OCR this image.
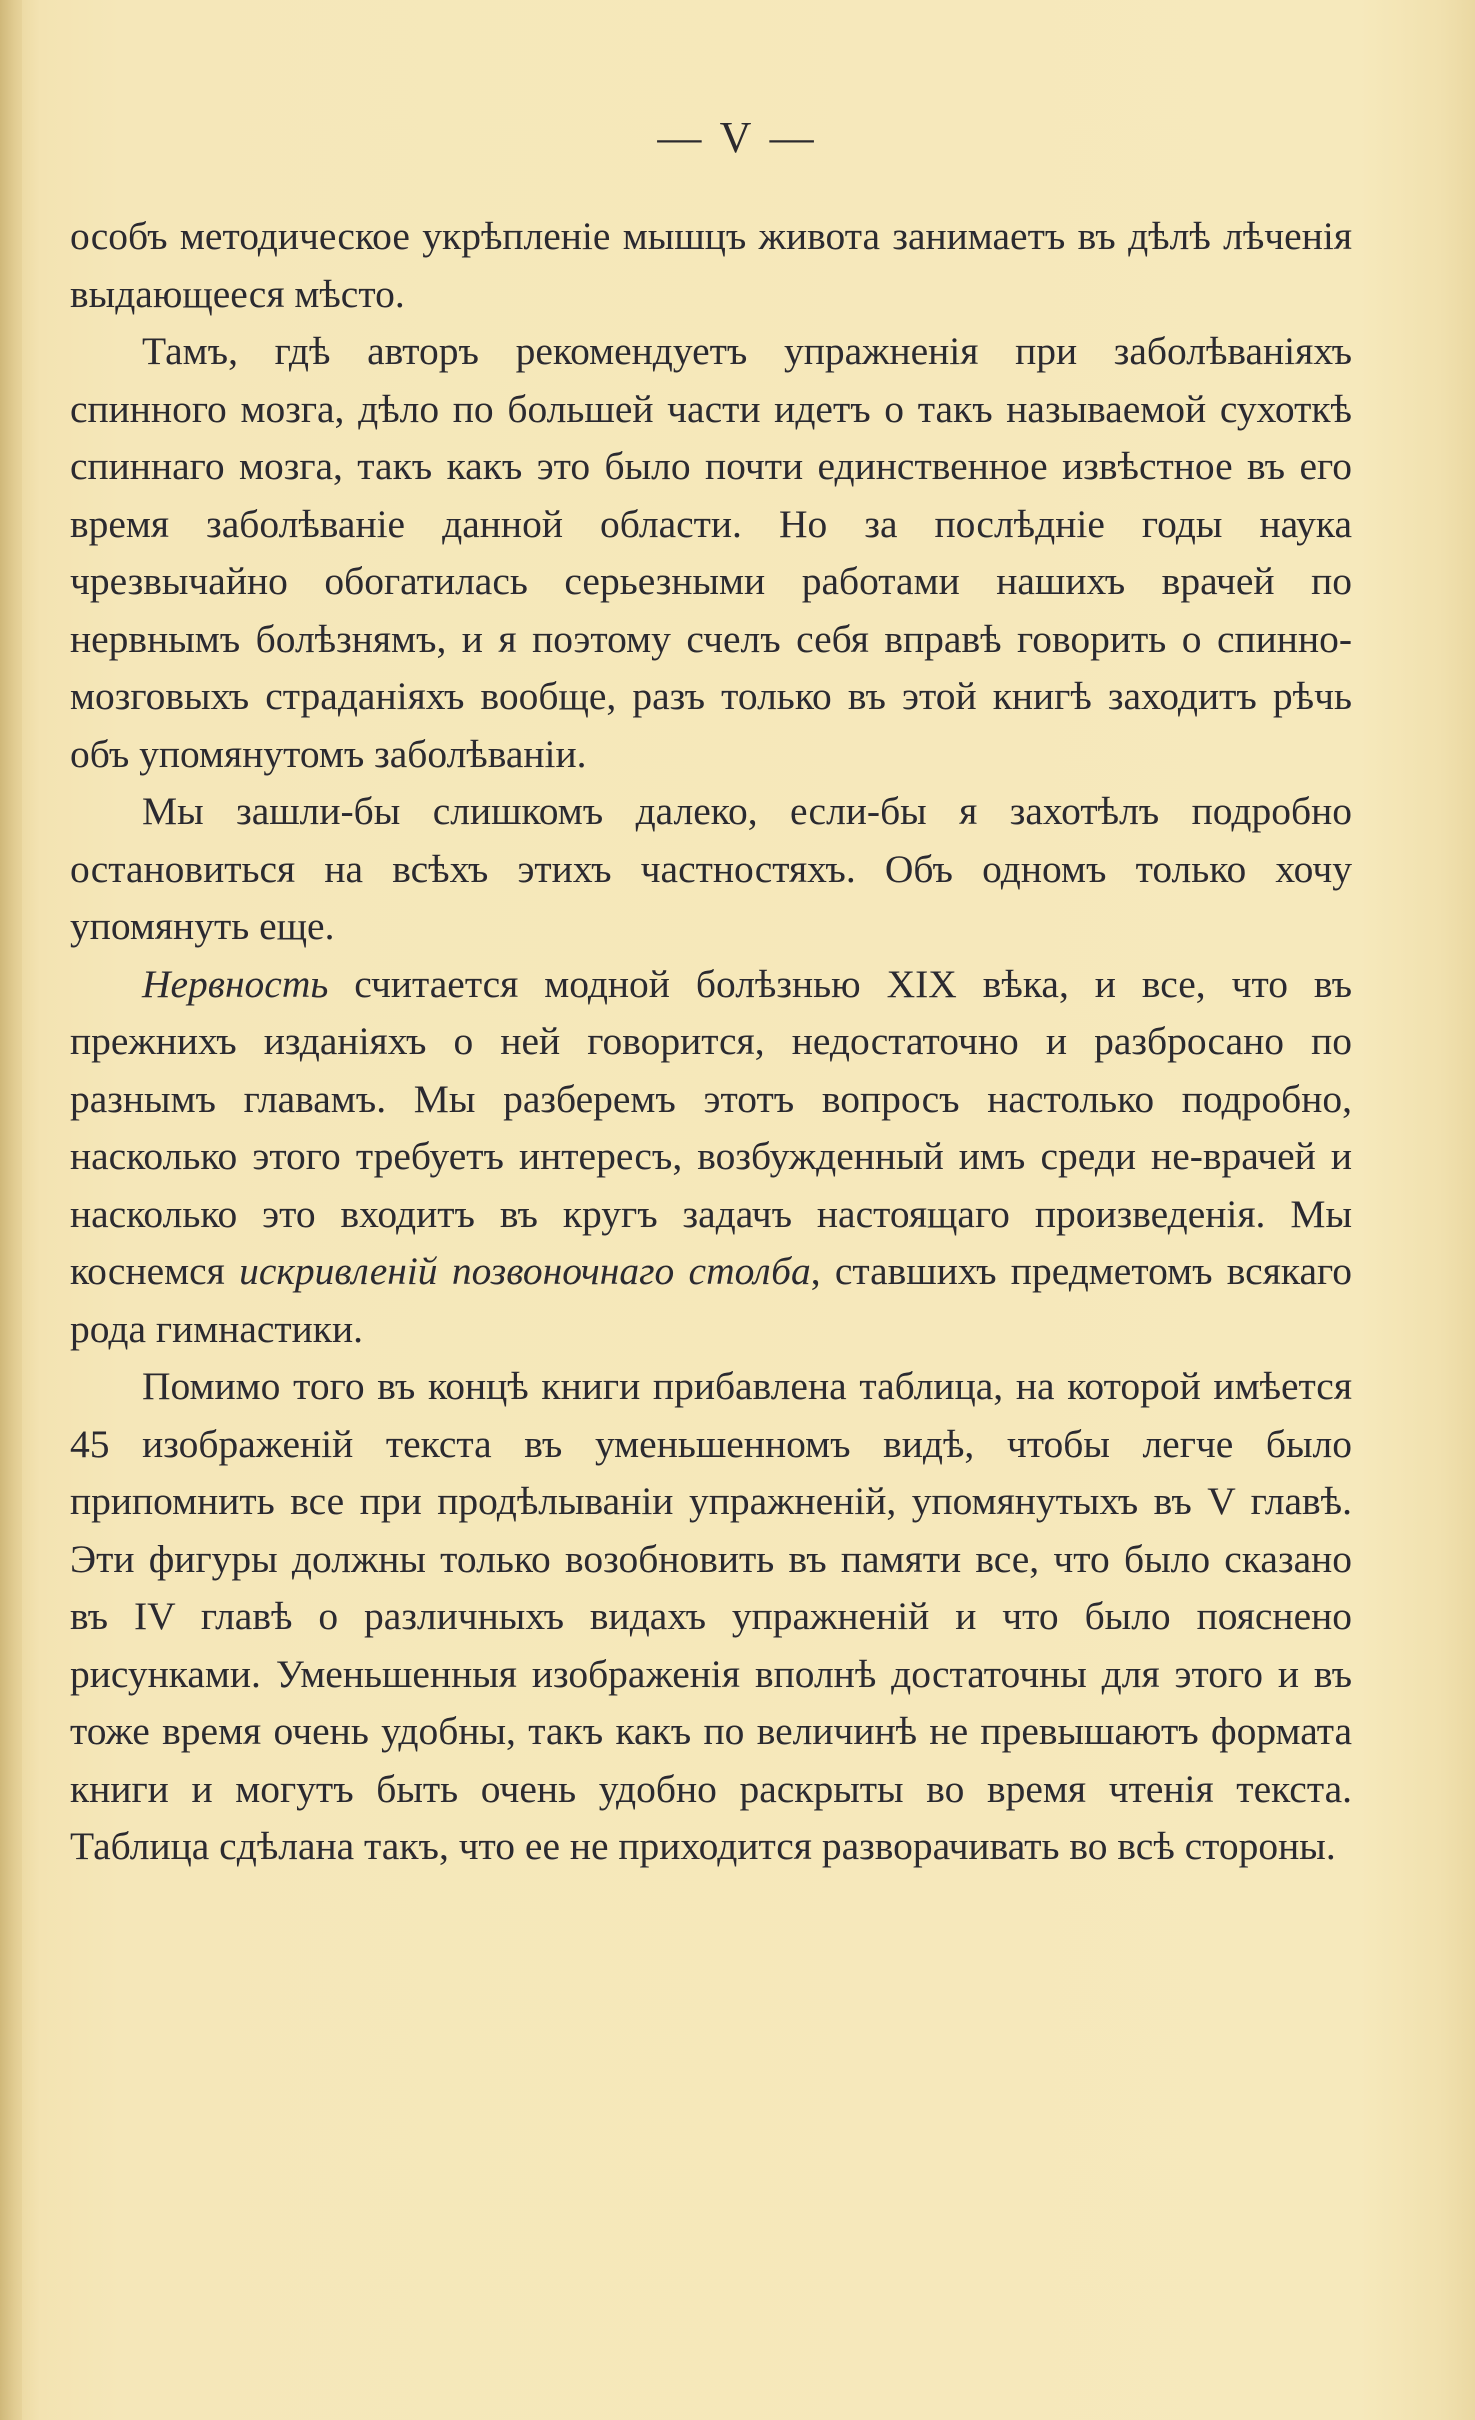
— V —

особъ методическое укрѣпленіе мышцъ живота занимаетъ въ дѣлѣ лѣченія выдающееся мѣсто.

Тамъ, гдѣ авторъ рекомендуетъ упражненія при заболѣваніяхъ спинного мозга, дѣло по большей части идетъ о такъ называемой сухоткѣ спиннаго мозга, такъ какъ это было почти единственное извѣстное въ его время заболѣваніе данной области. Но за послѣдніе годы наука чрезвычайно обогатилась серьезными работами нашихъ врачей по нервнымъ болѣзнямъ, и я поэтому счелъ себя вправѣ говорить о спинно-мозговыхъ страданіяхъ вообще, разъ только въ этой книгѣ заходитъ рѣчь объ упомянутомъ заболѣваніи.

Мы зашли-бы слишкомъ далеко, если-бы я захотѣлъ подробно остановиться на всѣхъ этихъ частностяхъ. Объ одномъ только хочу упомянуть еще.

Нервность считается модной болѣзнью XIX вѣка, и все, что въ прежнихъ изданіяхъ о ней говорится, недостаточно и разбросано по разнымъ главамъ. Мы разберемъ этотъ вопросъ настолько подробно, насколько этого требуетъ интересъ, возбужденный имъ среди не-врачей и насколько это входитъ въ кругъ задачъ настоящаго произведенія. Мы коснемся искривленій позвоночнаго столба, ставшихъ предметомъ всякаго рода гимнастики.

Помимо того въ концѣ книги прибавлена таблица, на которой имѣется 45 изображеній текста въ уменьшенномъ видѣ, чтобы легче было припомнить все при продѣлываніи упражненій, упомянутыхъ въ V главѣ. Эти фигуры должны только возобновить въ памяти все, что было сказано въ IV главѣ о различныхъ видахъ упражненій и что было пояснено рисунками. Уменьшенныя изображенія вполнѣ достаточны для этого и въ тоже время очень удобны, такъ какъ по величинѣ не превышаютъ формата книги и могутъ быть очень удобно раскрыты во время чтенія текста. Таблица сдѣлана такъ, что ее не приходится разворачивать во всѣ стороны.
